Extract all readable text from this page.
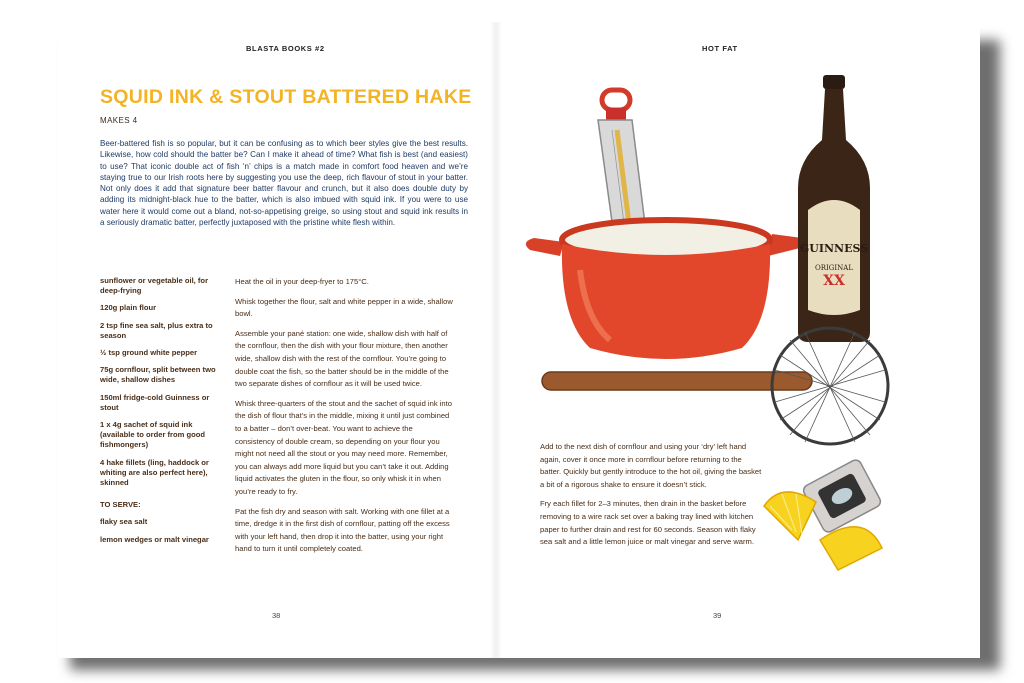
BLASTA BOOKS #2	HOT FAT
SQUID INK & STOUT BATTERED HAKE
MAKES 4

Beer-battered fish is so popular, but it can be confusing as to which beer styles give the best results. Likewise, how cold should the batter be? Can I make it ahead of time? What fish is best (and easiest) to use? That iconic double act of fish ‘n’ chips is a match made in comfort food heaven and we’re staying true to our Irish roots here by suggesting you use the deep, rich flavour of stout in your batter. Not only does it add that signature beer batter flavour and crunch, but it also does double duty by adding its midnight-black hue to the batter, which is also imbued with squid ink. If you were to use water here it would come out a bland, not-so-appetising greige, so using stout and squid ink results in a seriously dramatic batter, perfectly juxtaposed with the pristine white flesh within.

sunflower or vegetable oil, for deep-frying

120g plain flour

2 tsp fine sea salt, plus extra to season

½ tsp ground white pepper

75g cornflour, split between two wide, shallow dishes

150ml fridge-cold Guinness or stout

1 x 4g sachet of squid ink (available to order from good fishmongers)

4 hake fillets (ling, haddock or whiting are also perfect here), skinned

TO SERVE:

flaky sea salt

lemon wedges or malt vinegar

Heat the oil in your deep-fryer to 175°C.

Whisk together the flour, salt and white pepper in a wide, shallow bowl.

Assemble your pané station: one wide, shallow dish with half of the cornflour, then the dish with your flour mixture, then another wide, shallow dish with the rest of the cornflour. You’re going to double coat the fish, so the batter should be in the middle of the two separate dishes of cornflour as it will be used twice.

Whisk three-quarters of the stout and the sachet of squid ink into the dish of flour that’s in the middle, mixing it until just combined to a batter – don’t over-beat. You want to achieve the consistency of double cream, so depending on your flour you might not need all the stout or you may need more. Remember, you can always add more liquid but you can’t take it out. Adding liquid activates the gluten in the flour, so only whisk it in when you’re ready to fry.

Pat the fish dry and season with salt. Working with one fillet at a time, dredge it in the first dish of cornflour, patting off the excess with your left hand, then drop it into the batter, using your right hand to turn it until completely coated.

Add to the next dish of cornflour and using your ‘dry’ left hand again, cover it once more in cornflour before returning to the batter. Quickly but gently introduce to the hot oil, giving the basket a bit of a rigorous shake to ensure it doesn’t stick.

Fry each fillet for 2–3 minutes, then drain in the basket before removing to a wire rack set over a baking tray lined with kitchen paper to further drain and rest for 60 seconds. Season with flaky sea salt and a little lemon juice or malt vinegar and serve warm.

38	39
GUINNESS
XX
ORIGINAL
